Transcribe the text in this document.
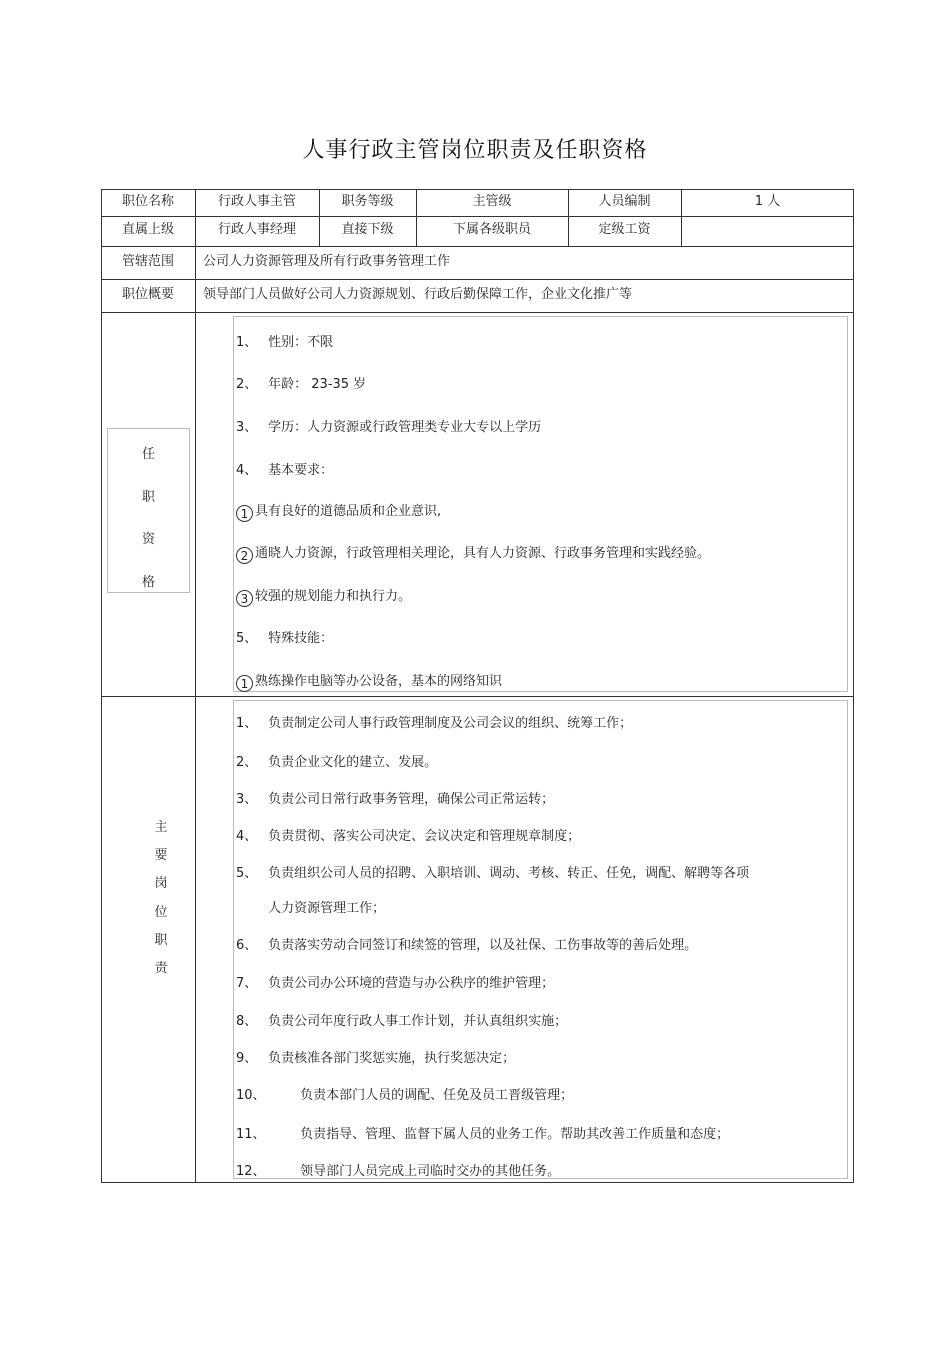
人事行政主管岗位职责及任职资格
职位名称	行政人事主管	职务等级	主管级	人员编制	1 人
直属上级	行政人事经理	直接下级	下属各级职员	定级工资
管辖范围	公司人力资源管理及所有行政事务管理工作
职位概要	领导部门人员做好公司人力资源规划、行政后勤保障工作，企业文化推广等
任
职
资
格
1、 性别：不限
2、 年龄： 23-35 岁
3、 学历：人力资源或行政管理类专业大专以上学历
4、 基本要求：
1 具有良好的道德品质和企业意识,
2 通晓人力资源，行政管理相关理论，具有人力资源、行政事务管理和实践经验。
3 较强的规划能力和执行力。
5、 特殊技能：
1 熟练操作电脑等办公设备，基本的网络知识
主
要
岗
位
职
责
1、 负责制定公司人事行政管理制度及公司会议的组织、统筹工作；
2、 负责企业文化的建立、发展。
3、 负责公司日常行政事务管理，确保公司正常运转；
4、 负责贯彻、落实公司决定、会议决定和管理规章制度；
5、 负责组织公司人员的招聘、入职培训、调动、考核、转正、任免，调配、解聘等各项
人力资源管理工作；
6、 负责落实劳动合同签订和续签的管理，以及社保、工伤事故等的善后处理。
7、 负责公司办公环境的营造与办公秩序的维护管理；
8、 负责公司年度行政人事工作计划，并认真组织实施；
9、 负责核准各部门奖惩实施，执行奖惩决定；
10、	负责本部门人员的调配、任免及员工晋级管理；
11、	负责指导、管理、监督下属人员的业务工作。帮助其改善工作质量和态度；
12、	领导部门人员完成上司临时交办的其他任务。
